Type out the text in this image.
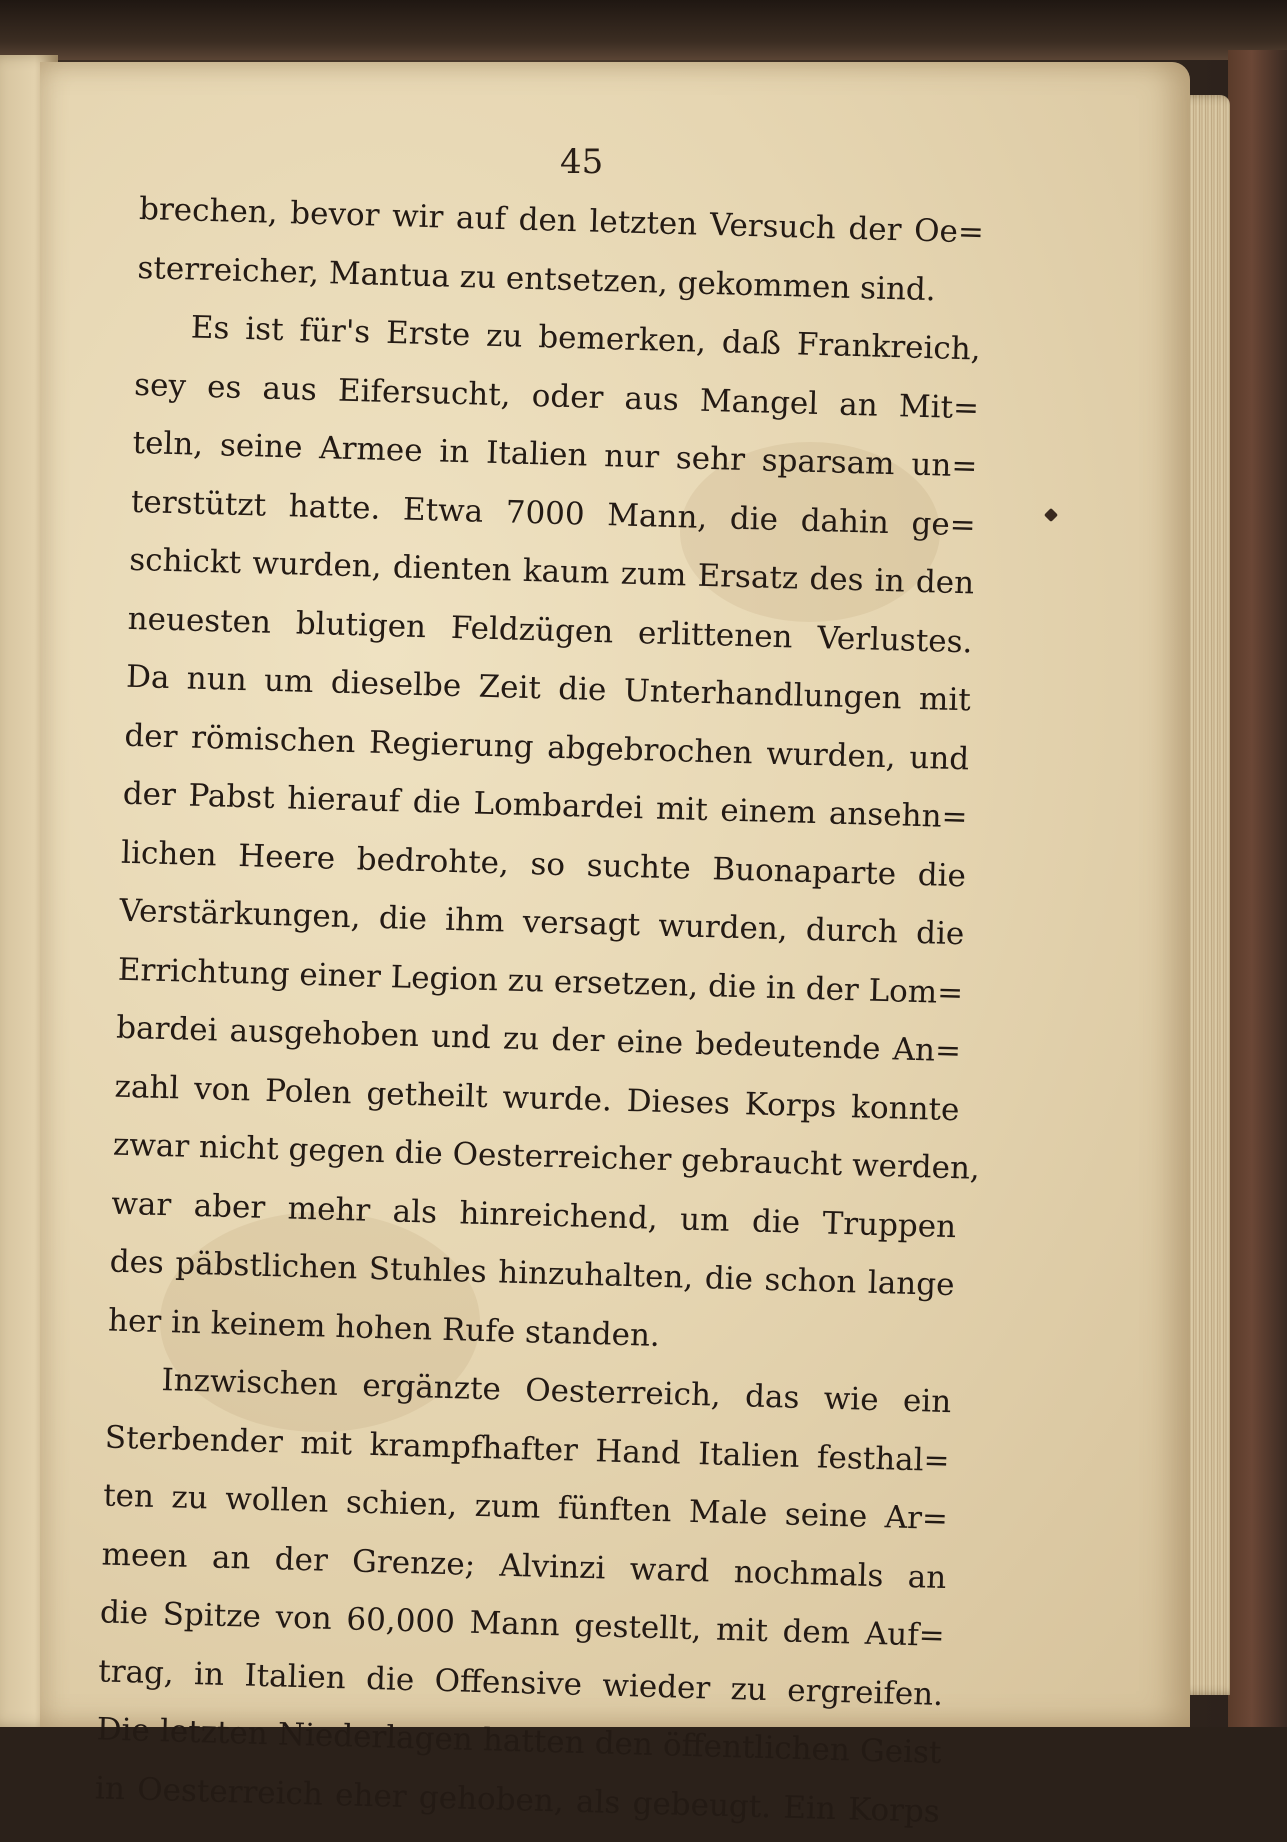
45
brechen, bevor wir auf den letzten Versuch der Oe=
sterreicher, Mantua zu entsetzen, gekommen sind.
Es ist für's Erste zu bemerken, daß Frankreich,
sey es aus Eifersucht, oder aus Mangel an Mit=
teln, seine Armee in Italien nur sehr sparsam un=
terstützt hatte. Etwa 7000 Mann, die dahin ge=
schickt wurden, dienten kaum zum Ersatz des in den
neuesten blutigen Feldzügen erlittenen Verlustes.
Da nun um dieselbe Zeit die Unterhandlungen mit
der römischen Regierung abgebrochen wurden, und
der Pabst hierauf die Lombardei mit einem ansehn=
lichen Heere bedrohte, so suchte Buonaparte die
Verstärkungen, die ihm versagt wurden, durch die
Errichtung einer Legion zu ersetzen, die in der Lom=
bardei ausgehoben und zu der eine bedeutende An=
zahl von Polen getheilt wurde. Dieses Korps konnte
zwar nicht gegen die Oesterreicher gebraucht werden,
war aber mehr als hinreichend, um die Truppen
des päbstlichen Stuhles hinzuhalten, die schon lange
her in keinem hohen Rufe standen.
Inzwischen ergänzte Oesterreich, das wie ein
Sterbender mit krampfhafter Hand Italien festhal=
ten zu wollen schien, zum fünften Male seine Ar=
meen an der Grenze; Alvinzi ward nochmals an
die Spitze von 60,000 Mann gestellt, mit dem Auf=
trag, in Italien die Offensive wieder zu ergreifen.
Die letzten Niederlagen hatten den öffentlichen Geist
in Oesterreich eher gehoben, als gebeugt. Ein Korps
